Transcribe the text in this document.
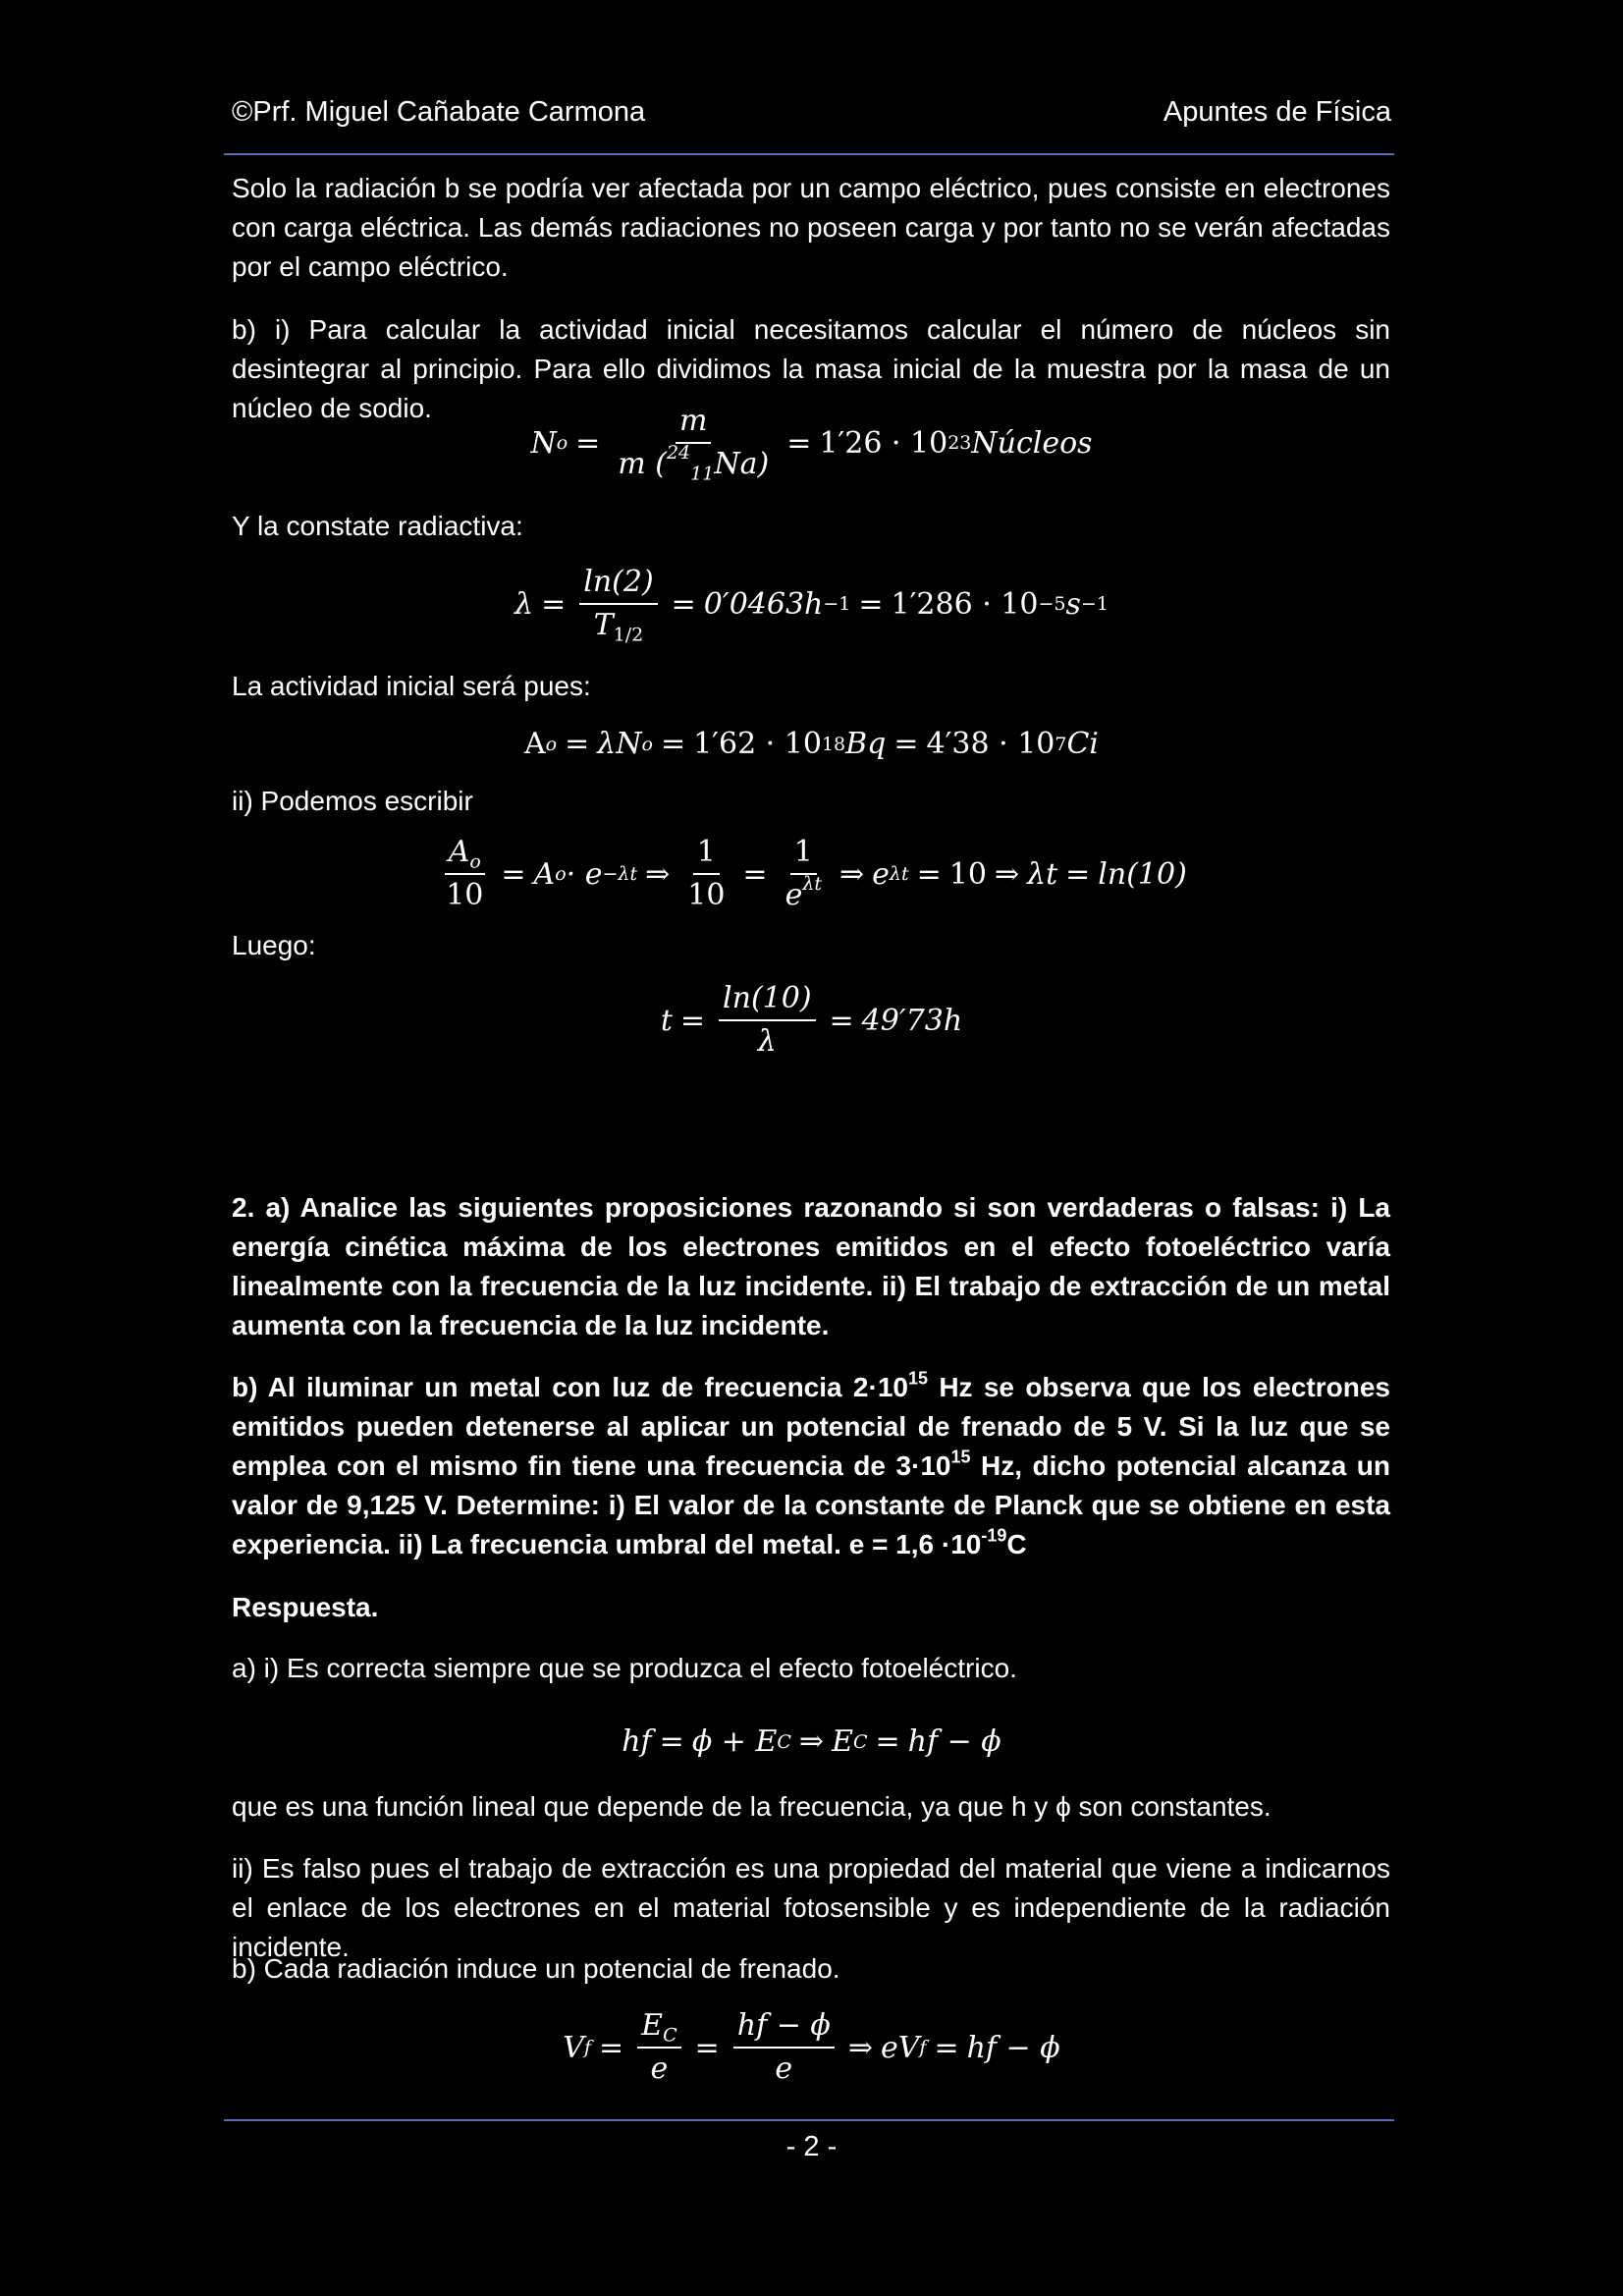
©Prf. Miguel Cañabate Carmona	Apuntes de Física

Solo la radiación b se podría ver afectada por un campo eléctrico, pues consiste en electrones con carga eléctrica. Las demás radiaciones no poseen carga y por tanto no se verán afectadas por el campo eléctrico.

b) i) Para calcular la actividad inicial necesitamos calcular el número de núcleos sin desintegrar al principio. Para ello dividimos la masa inicial de la muestra por la masa de un núcleo de sodio.

N $o = \frac{m}{m (^{24}_{11}Na)} = 1'26 \cdot 10$ 23 Núcleos

Y la constate radiactiva:

$\lambda = \frac{\ln(2)}{T_{1/2}} = 0'0463h -1 = 1'286 \cdot 10 -5$ s −1

La actividad inicial será pues:

A o = λN o = 1′62 · 10 18 Bq = 4′38 · 10 7 Ci

ii) Podemos escribir

$\frac{A_o}{10} = A$ o · e −λt ⇒ $\frac{1}{10} = \frac{1}{e^{\lambda t}}$ ⇒ e λt = 10 ⇒ λt = ln(10)

Luego:

$t = \frac{\ln(10)}{\lambda} = 49'73h$

2. a) Analice las siguientes proposiciones razonando si son verdaderas o falsas: i) La energía cinética máxima de los electrones emitidos en el efecto fotoeléctrico varía linealmente con la frecuencia de la luz incidente. ii) El trabajo de extracción de un metal aumenta con la frecuencia de la luz incidente.

b) Al iluminar un metal con luz de frecuencia $2\cdot 10^{15}$ Hz se observa que los electrones emitidos pueden detenerse al aplicar un potencial de frenado de 5 V. Si la luz que se emplea con el mismo fin tiene una frecuencia de $3\cdot 10^{15}$ Hz, dicho potencial alcanza un valor de 9,125 V. Determine: i) El valor de la constante de Planck que se obtiene en esta experiencia. ii) La frecuencia umbral del metal. $e = 1,6 \cdot 10^{-19}C$

Respuesta.

a) i) Es correcta siempre que se produzca el efecto fotoeléctrico.

hf = ϕ + E C ⇒ E C = hf − ϕ

que es una función lineal que depende de la frecuencia, ya que h y ϕ son constantes.

ii) Es falso pues el trabajo de extracción es una propiedad del material que viene a indicarnos el enlace de los electrones en el material fotosensible y es independiente de la radiación incidente.

b) Cada radiación induce un potencial de frenado.

V $f = \frac{E_C}{e} = \frac{hf - \phi}{e}$ ⇒ eV f = hf − ϕ
- 2 -
